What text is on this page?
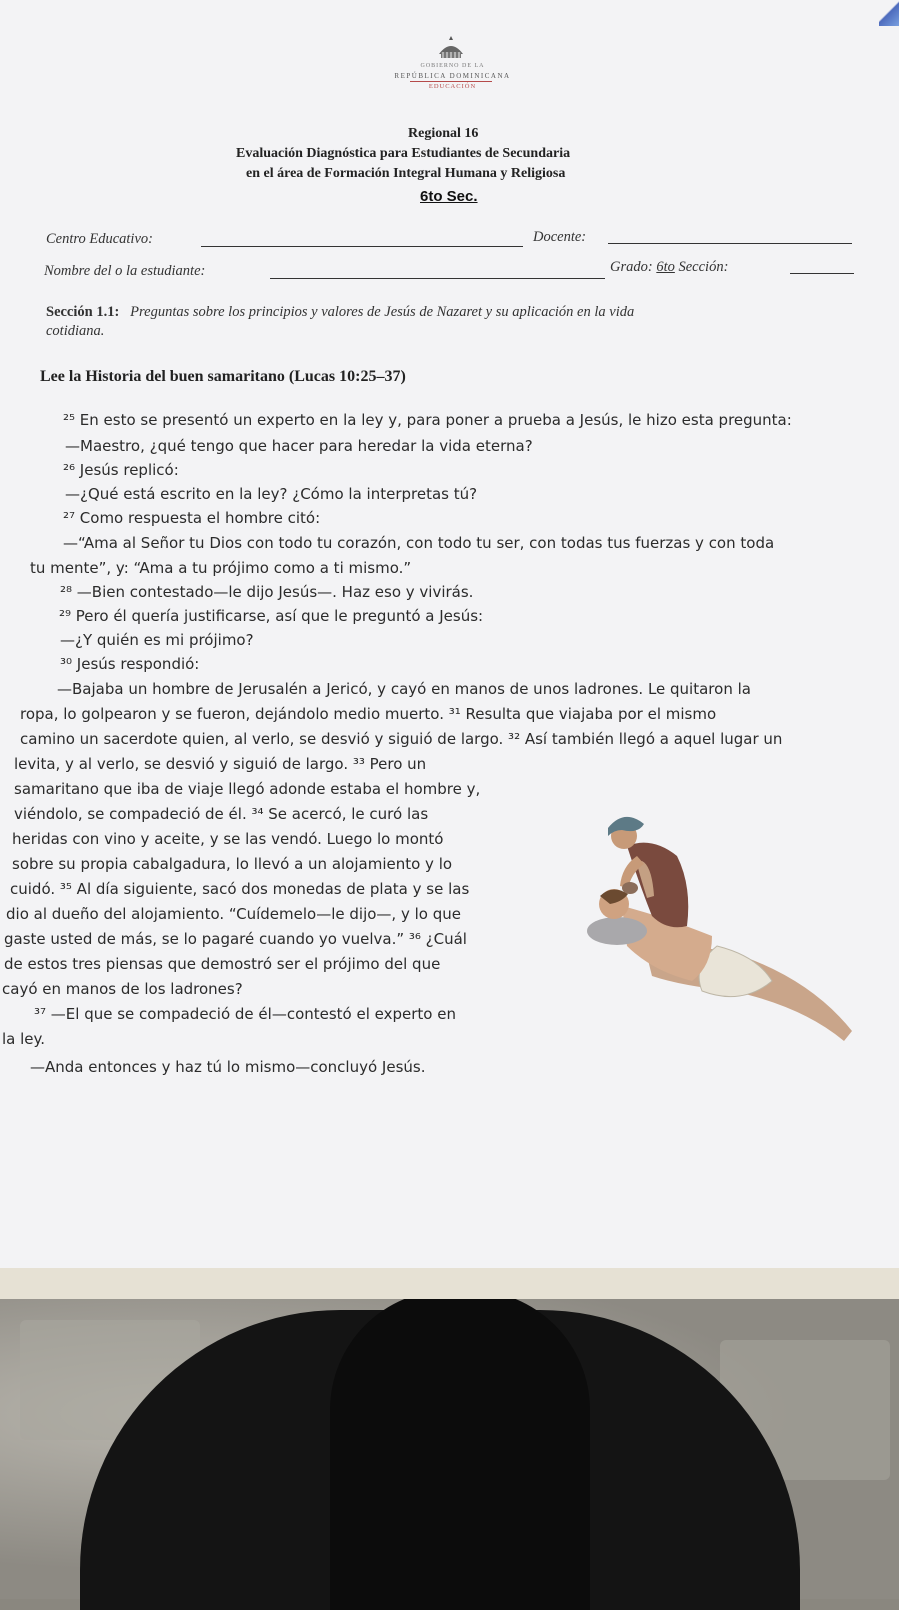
GOBIERNO DE LA
REPÚBLICA DOMINICANA
EDUCACIÓN
Regional 16
Evaluación Diagnóstica para Estudiantes de Secundaria
en el área de Formación Integral Humana y Religiosa
6to Sec.
Centro Educativo:	Docente:
Nombre del o la estudiante:	Grado: 6to Sección:
Sección 1.1: Preguntas sobre los principios y valores de Jesús de Nazaret y su aplicación en la vida
cotidiana.
Lee la Historia del buen samaritano (Lucas 10:25–37)
²⁵ En esto se presentó un experto en la ley y, para poner a prueba a Jesús, le hizo esta pregunta:
—Maestro, ¿qué tengo que hacer para heredar la vida eterna?
²⁶ Jesús replicó:
—¿Qué está escrito en la ley? ¿Cómo la interpretas tú?
²⁷ Como respuesta el hombre citó:
—“Ama al Señor tu Dios con todo tu corazón, con todo tu ser, con todas tus fuerzas y con toda
tu mente”, y: “Ama a tu prójimo como a ti mismo.”
²⁸ —Bien contestado—le dijo Jesús—. Haz eso y vivirás.
²⁹ Pero él quería justificarse, así que le preguntó a Jesús:
—¿Y quién es mi prójimo?
³⁰ Jesús respondió:
—Bajaba un hombre de Jerusalén a Jericó, y cayó en manos de unos ladrones. Le quitaron la
ropa, lo golpearon y se fueron, dejándolo medio muerto. ³¹ Resulta que viajaba por el mismo
camino un sacerdote quien, al verlo, se desvió y siguió de largo. ³² Así también llegó a aquel lugar un
levita, y al verlo, se desvió y siguió de largo. ³³ Pero un
samaritano que iba de viaje llegó adonde estaba el hombre y,
viéndolo, se compadeció de él. ³⁴ Se acercó, le curó las
heridas con vino y aceite, y se las vendó. Luego lo montó
sobre su propia cabalgadura, lo llevó a un alojamiento y lo
cuidó. ³⁵ Al día siguiente, sacó dos monedas de plata y se las
dio al dueño del alojamiento. “Cuídemelo—le dijo—, y lo que
gaste usted de más, se lo pagaré cuando yo vuelva.” ³⁶ ¿Cuál
de estos tres piensas que demostró ser el prójimo del que
cayó en manos de los ladrones?
³⁷ —El que se compadeció de él—contestó el experto en
la ley.
—Anda entonces y haz tú lo mismo—concluyó Jesús.
